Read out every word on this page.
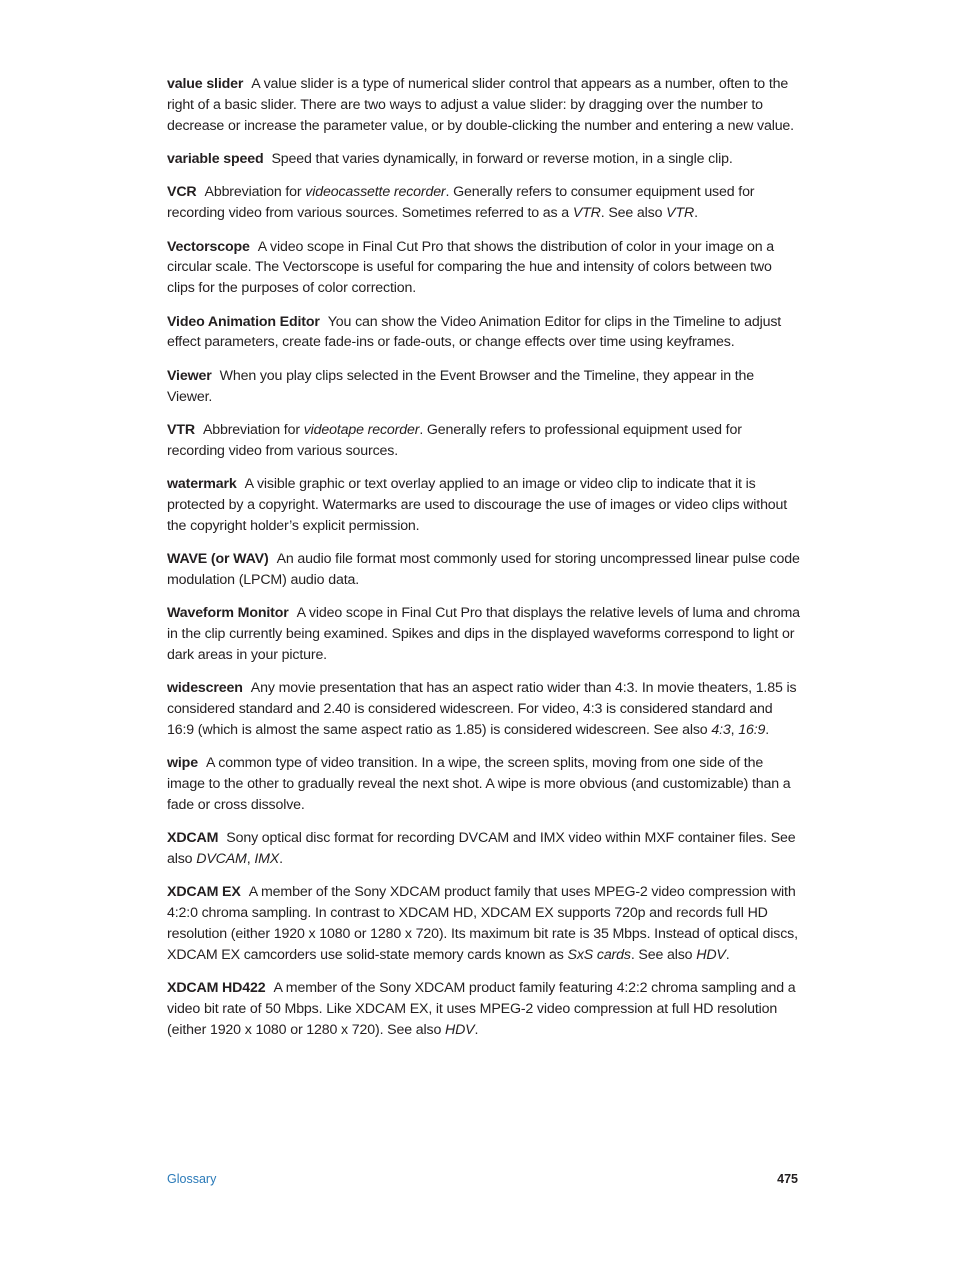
value slider A value slider is a type of numerical slider control that appears as a number, often to the right of a basic slider. There are two ways to adjust a value slider: by dragging over the number to decrease or increase the parameter value, or by double-clicking the number and entering a new value.

variable speed Speed that varies dynamically, in forward or reverse motion, in a single clip.

VCR Abbreviation for videocassette recorder. Generally refers to consumer equipment used for recording video from various sources. Sometimes referred to as a VTR. See also VTR.

Vectorscope A video scope in Final Cut Pro that shows the distribution of color in your image on a circular scale. The Vectorscope is useful for comparing the hue and intensity of colors between two clips for the purposes of color correction.

Video Animation Editor You can show the Video Animation Editor for clips in the Timeline to adjust effect parameters, create fade-ins or fade-outs, or change effects over time using keyframes.

Viewer When you play clips selected in the Event Browser and the Timeline, they appear in the Viewer.

VTR Abbreviation for videotape recorder. Generally refers to professional equipment used for recording video from various sources.

watermark A visible graphic or text overlay applied to an image or video clip to indicate that it is protected by a copyright. Watermarks are used to discourage the use of images or video clips without the copyright holder’s explicit permission.

WAVE (or WAV) An audio file format most commonly used for storing uncompressed linear pulse code modulation (LPCM) audio data.

Waveform Monitor A video scope in Final Cut Pro that displays the relative levels of luma and chroma in the clip currently being examined. Spikes and dips in the displayed waveforms correspond to light or dark areas in your picture.

widescreen Any movie presentation that has an aspect ratio wider than 4:3. In movie theaters, 1.85 is considered standard and 2.40 is considered widescreen. For video, 4:3 is considered standard and 16:9 (which is almost the same aspect ratio as 1.85) is considered widescreen. See also 4:3, 16:9.

wipe A common type of video transition. In a wipe, the screen splits, moving from one side of the image to the other to gradually reveal the next shot. A wipe is more obvious (and customizable) than a fade or cross dissolve.

XDCAM Sony optical disc format for recording DVCAM and IMX video within MXF container files. See also DVCAM, IMX.

XDCAM EX A member of the Sony XDCAM product family that uses MPEG-2 video compression with 4:2:0 chroma sampling. In contrast to XDCAM HD, XDCAM EX supports 720p and records full HD resolution (either 1920 x 1080 or 1280 x 720). Its maximum bit rate is 35 Mbps. Instead of optical discs, XDCAM EX camcorders use solid-state memory cards known as SxS cards. See also HDV.

XDCAM HD422 A member of the Sony XDCAM product family featuring 4:2:2 chroma sampling and a video bit rate of 50 Mbps. Like XDCAM EX, it uses MPEG-2 video compression at full HD resolution (either 1920 x 1080 or 1280 x 720). See also HDV.

Glossary	475
